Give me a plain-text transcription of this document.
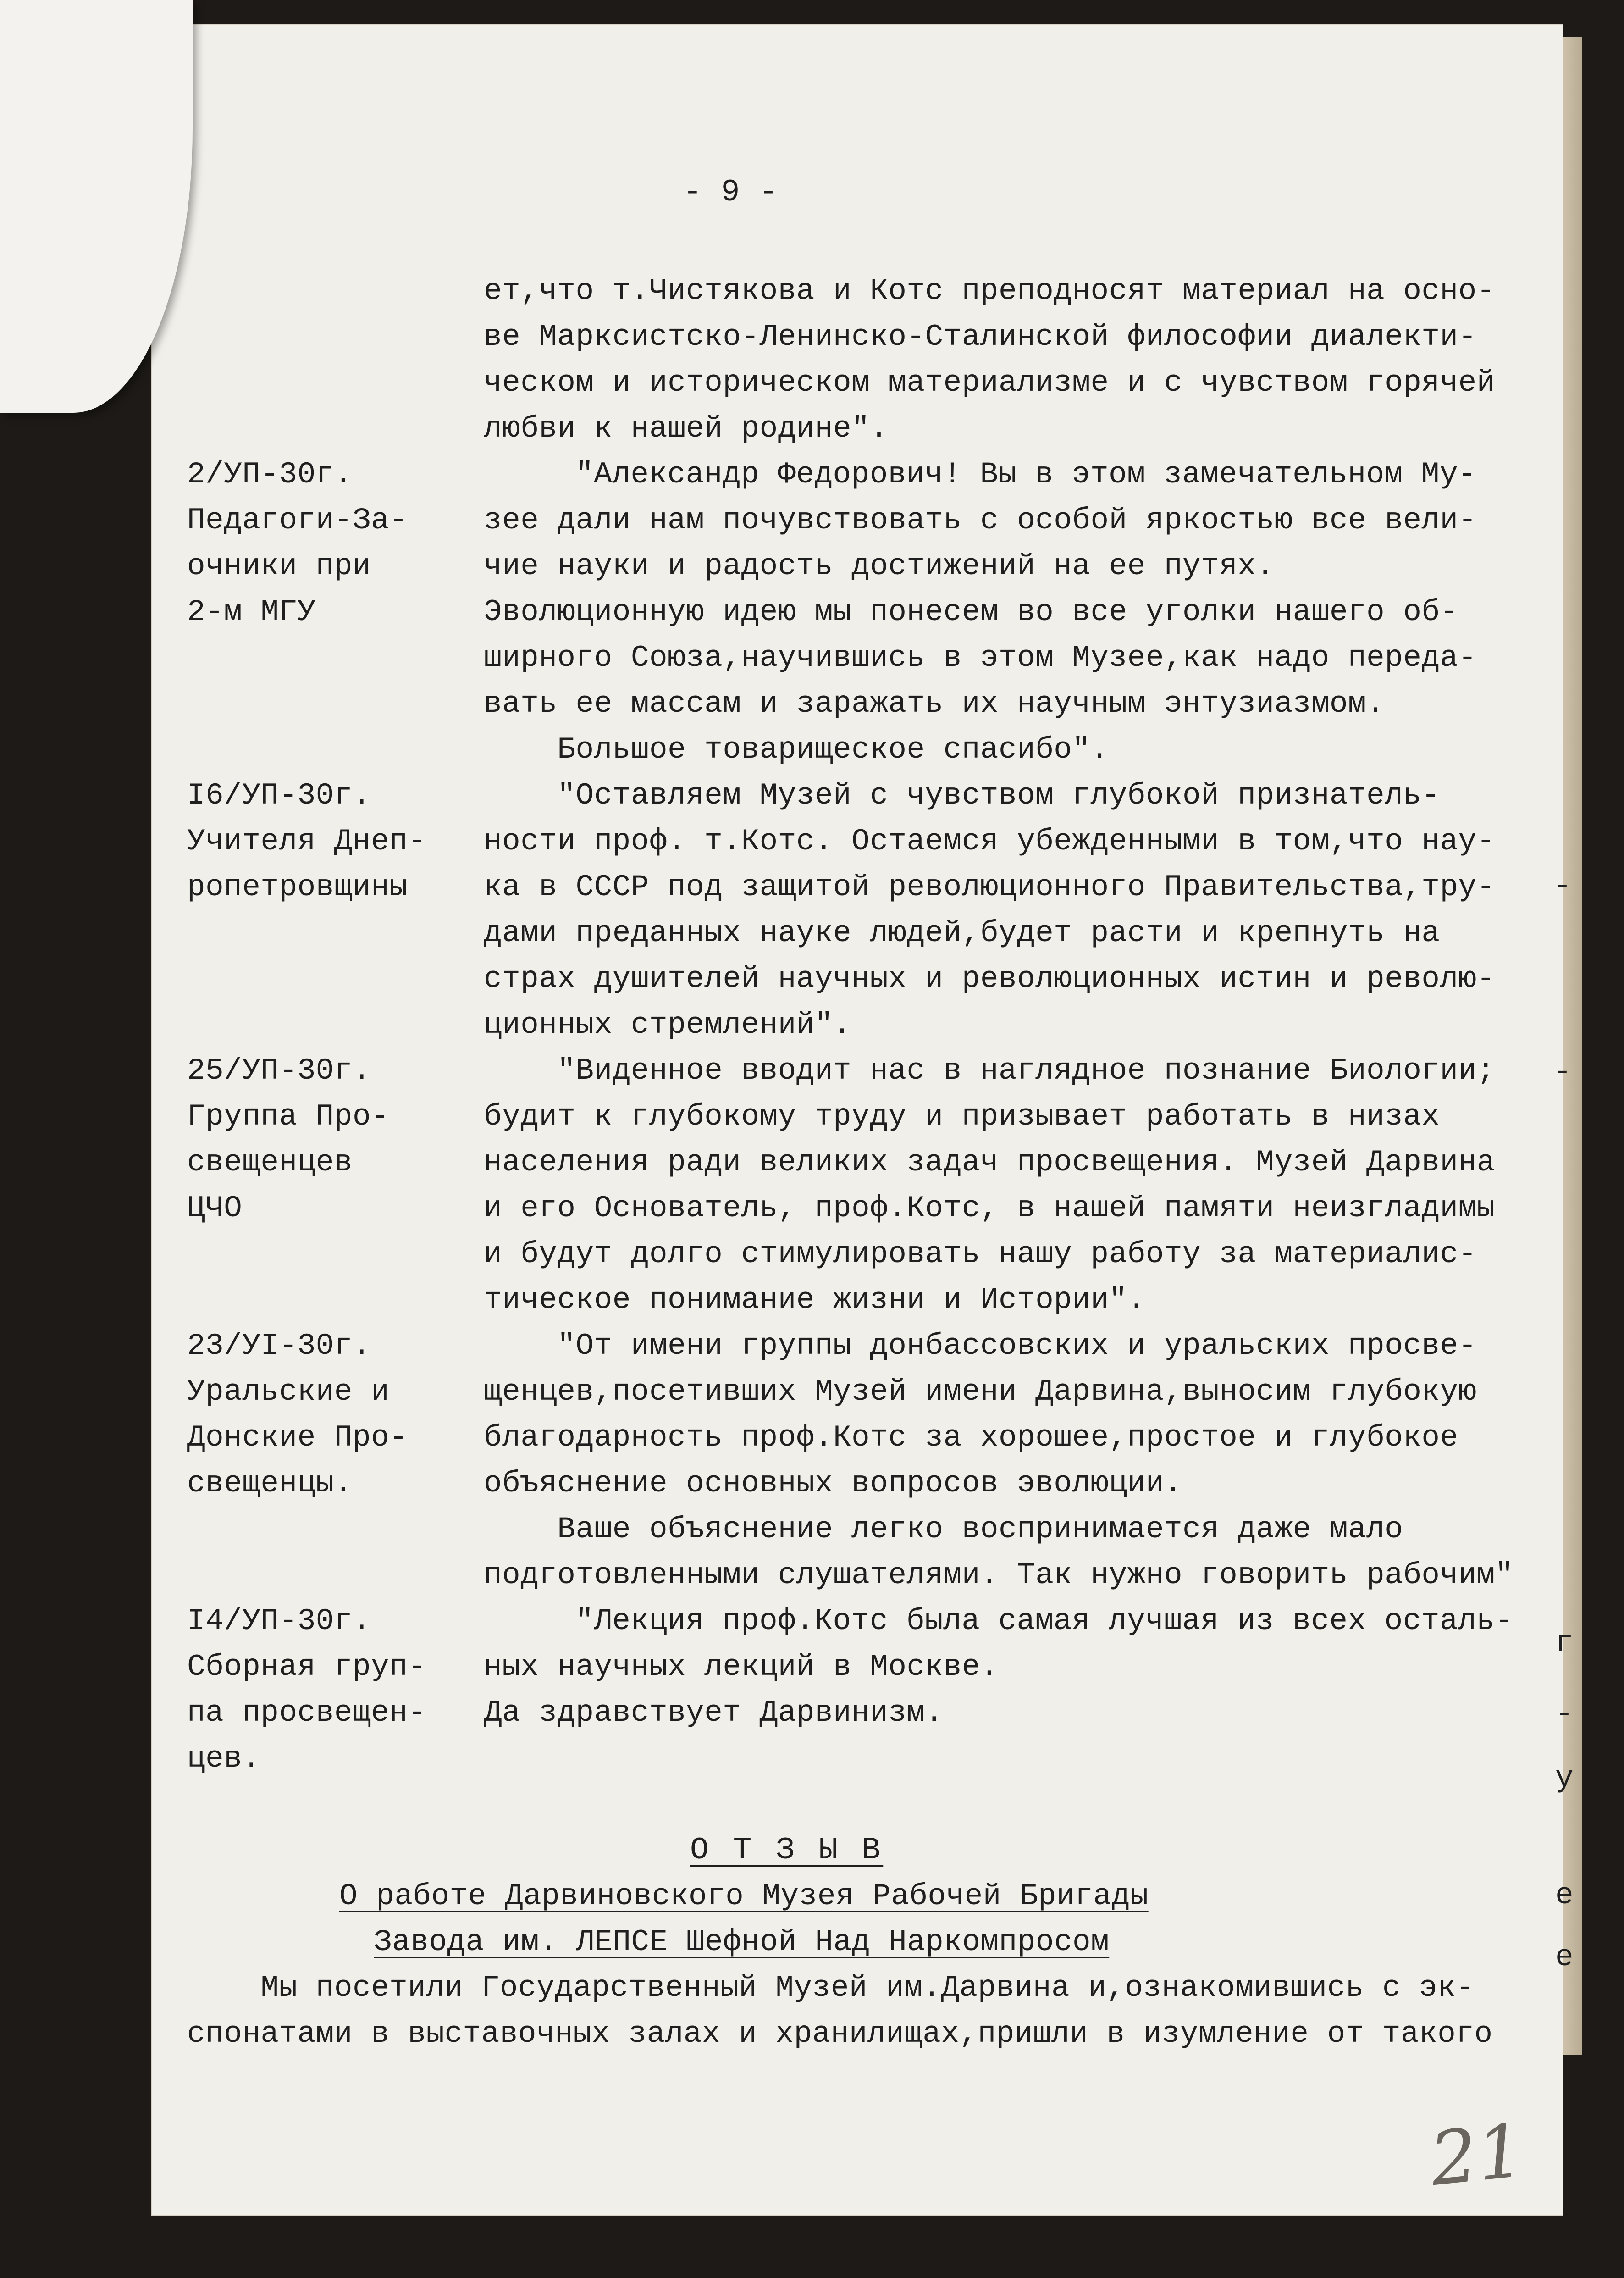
- 9 -
2/УП-30г.
Педагоги-За-
очники при
2-м МГУ
I6/УП-30г.
Учителя Днеп-
ропетровщины
25/УП-30г.
Группа Про-
свещенцев
ЦЧО
23/УI-30г.
Уральские и
Донские Про-
свещенцы.
I4/УП-30г.
Сборная груп-
па просвещен-
цев.
ет,что т.Чистякова и Котс преподносят материал на осно-
ве Марксистско-Ленинско-Сталинской философии диалекти-
ческом и историческом материализме и с чувством горячей
любви к нашей родине".
"Александр Федорович! Вы в этом замечательном Му-
зее дали нам почувствовать с особой яркостью все вели-
чие науки и радость достижений на ее путях.
Эволюционную идею мы понесем во все уголки нашего об-
ширного Союза,научившись в этом Музее,как надо переда-
вать ее массам и заражать их научным энтузиазмом.
Большое товарищеское спасибо".
"Оставляем Музей с чувством глубокой признатель-
ности проф. т.Котс. Остаемся убежденными в том,что нау-
ка в СССР под защитой революционного Правительства,тру-
дами преданных науке людей,будет расти и крепнуть на
страх душителей научных и революционных истин и револю-
ционных стремлений".
"Виденное вводит нас в наглядное познание Биологии;
будит к глубокому труду и призывает работать в низах
населения ради великих задач просвещения. Музей Дарвина
и его Основатель, проф.Котс, в нашей памяти неизгладимы
и будут долго стимулировать нашу работу за материалис-
тическое понимание жизни и Истории".
"От имени группы донбассовских и уральских просве-
щенцев,посетивших Музей имени Дарвина,выносим глубокую
благодарность проф.Котс за хорошее,простое и глубокое
объяснение основных вопросов эволюции.
Ваше объяснение легко воспринимается даже мало
подготовленными слушателями. Так нужно говорить рабочим"
"Лекция проф.Котс была самая лучшая из всех осталь-
ных научных лекций в Москве.
Да здравствует Дарвинизм.
О Т З Ы В
О работе Дарвиновского Музея Рабочей Бригады
Завода им. ЛЕПСЕ Шефной Над Наркомпросом
Мы посетили Государственный Музей им.Дарвина и,ознакомившись с эк-
спонатами в выставочных залах и хранилищах,пришли в изумление от такого
-
-
г
-
у
е
е
21
